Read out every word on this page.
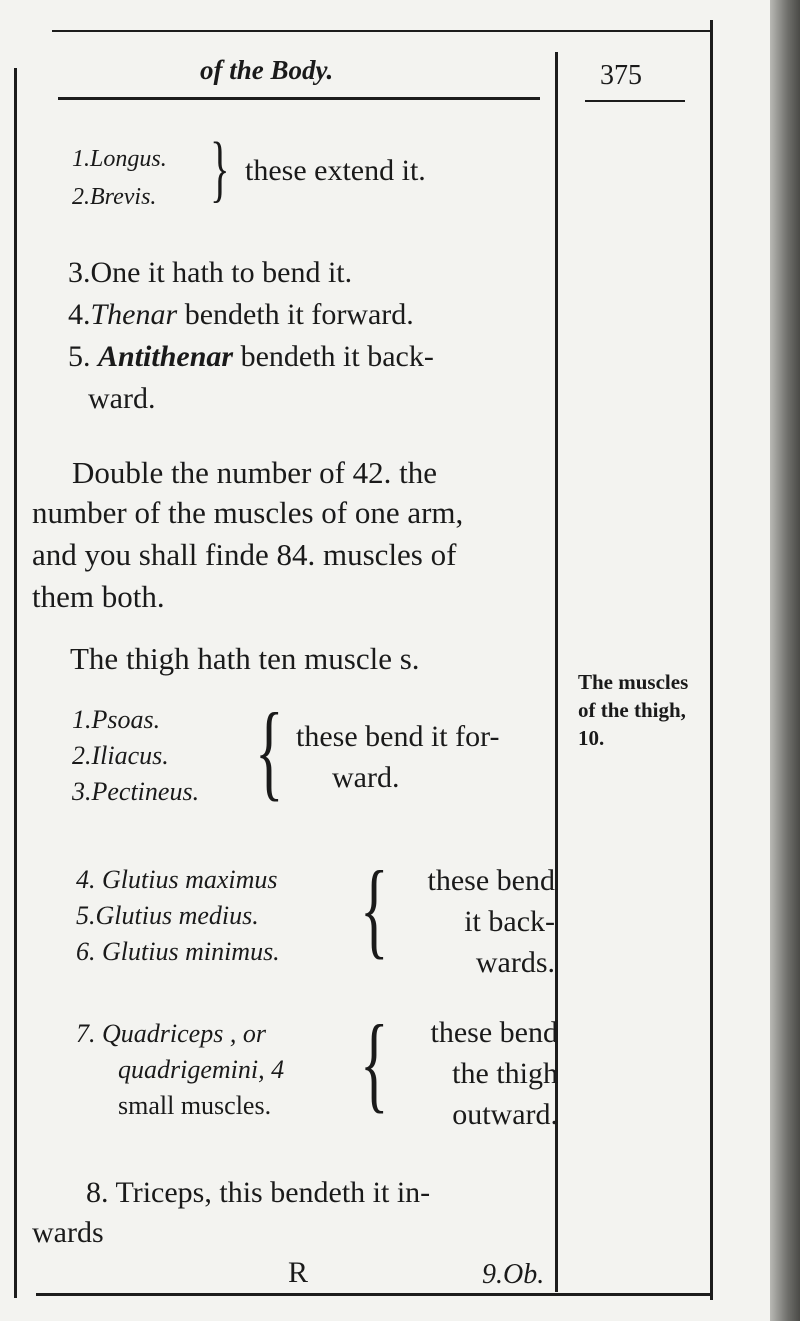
of the Body.	375
1.Longus.
2.Brevis. } these extend it.
3.One it hath to bend it.
4.Thenar bendeth it forward.
5. Antithenar bendeth it back-
ward.
Double the number of 42. the
number of the muscles of one arm,
and you shall finde 84. muscles of
them both.
The thigh hath ten muscle s.
1.Psoas.
2.Iliacus.
3.Pectineus. { these bend it for-
ward.
4. Glutius maximus
5.Glutius medius.
6. Glutius minimus. {	these bend
it back-
wards.
7. Quadriceps , or
quadrigemini, 4
small muscles. {	these bend
the thigh
outward.
8. Triceps, this bendeth it in-
wards
R	9.Ob.
The muscles of the thigh, 10.
